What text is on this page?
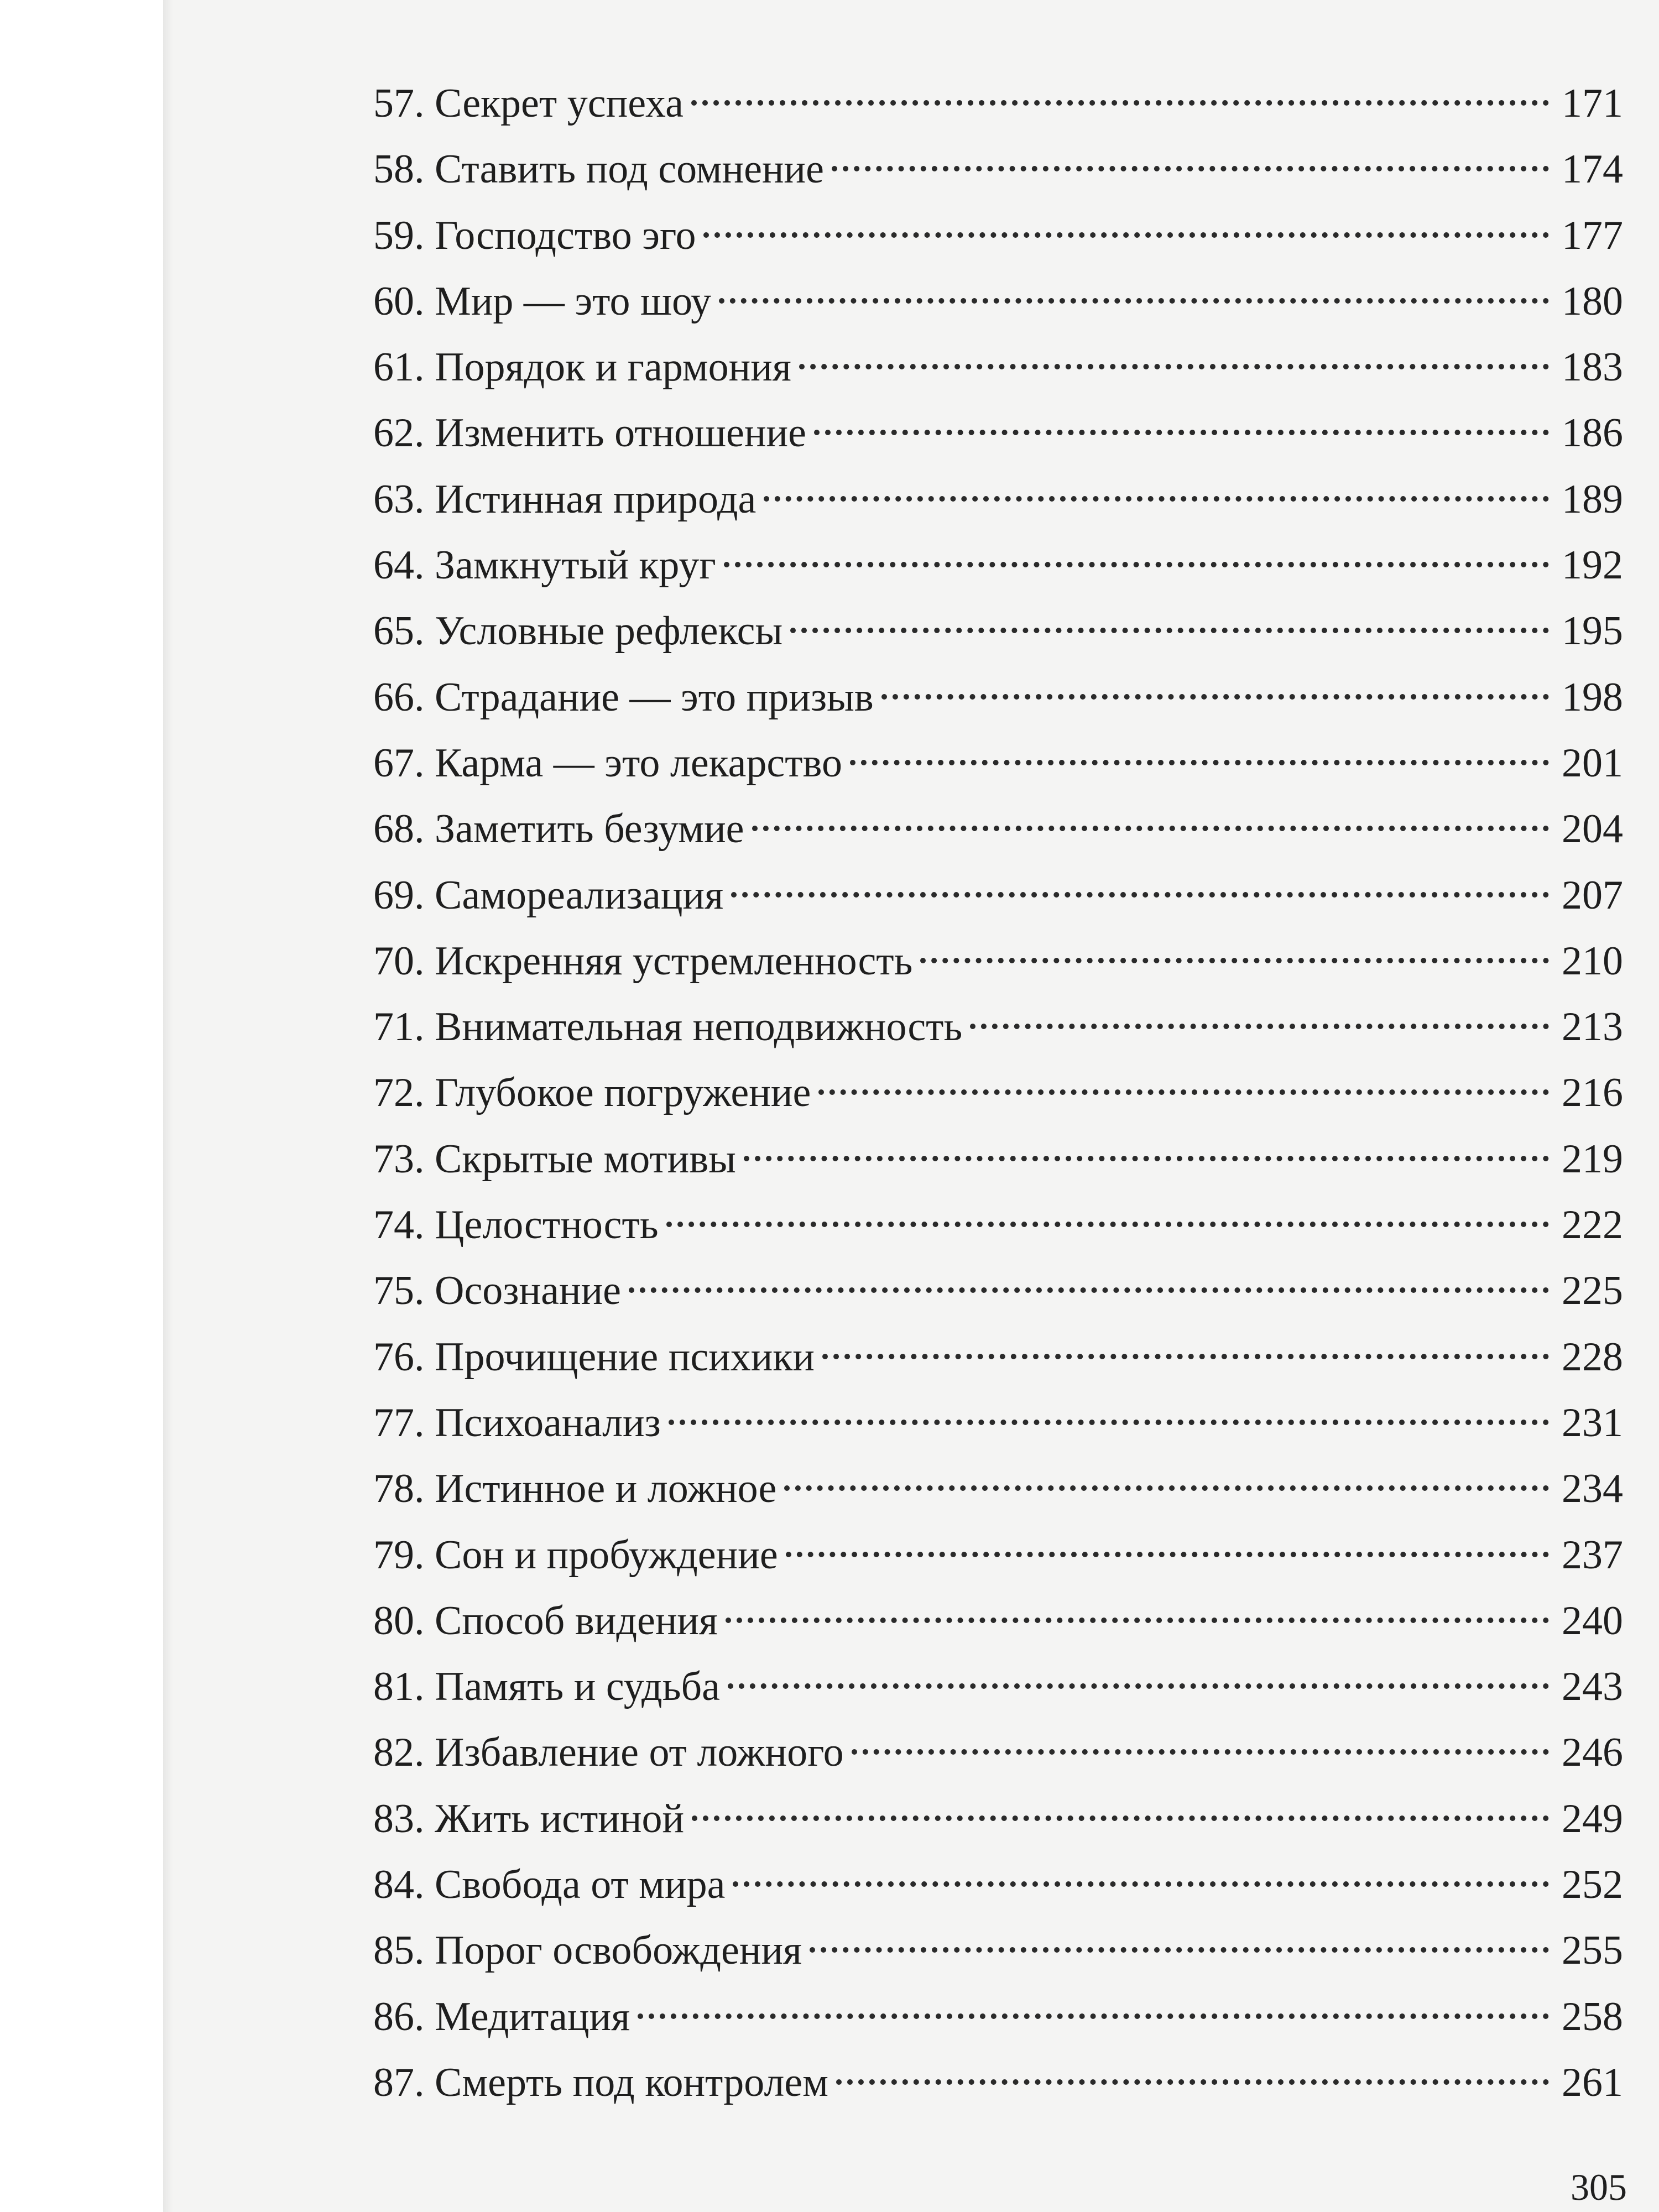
57. Секрет успеха	171
58. Ставить под сомнение	174
59. Господство эго	177
60. Мир — это шоу	180
61. Порядок и гармония	183
62. Изменить отношение	186
63. Истинная природа	189
64. Замкнутый круг	192
65. Условные рефлексы	195
66. Страдание — это призыв	198
67. Карма — это лекарство	201
68. Заметить безумие	204
69. Самореализация	207
70. Искренняя устремленность	210
71. Внимательная неподвижность	213
72. Глубокое погружение	216
73. Скрытые мотивы	219
74. Целостность	222
75. Осознание	225
76. Прочищение психики	228
77. Психоанализ	231
78. Истинное и ложное	234
79. Сон и пробуждение	237
80. Способ видения	240
81. Память и судьба	243
82. Избавление от ложного	246
83. Жить истиной	249
84. Свобода от мира	252
85. Порог освобождения	255
86. Медитация	258
87. Смерть под контролем	261
305
